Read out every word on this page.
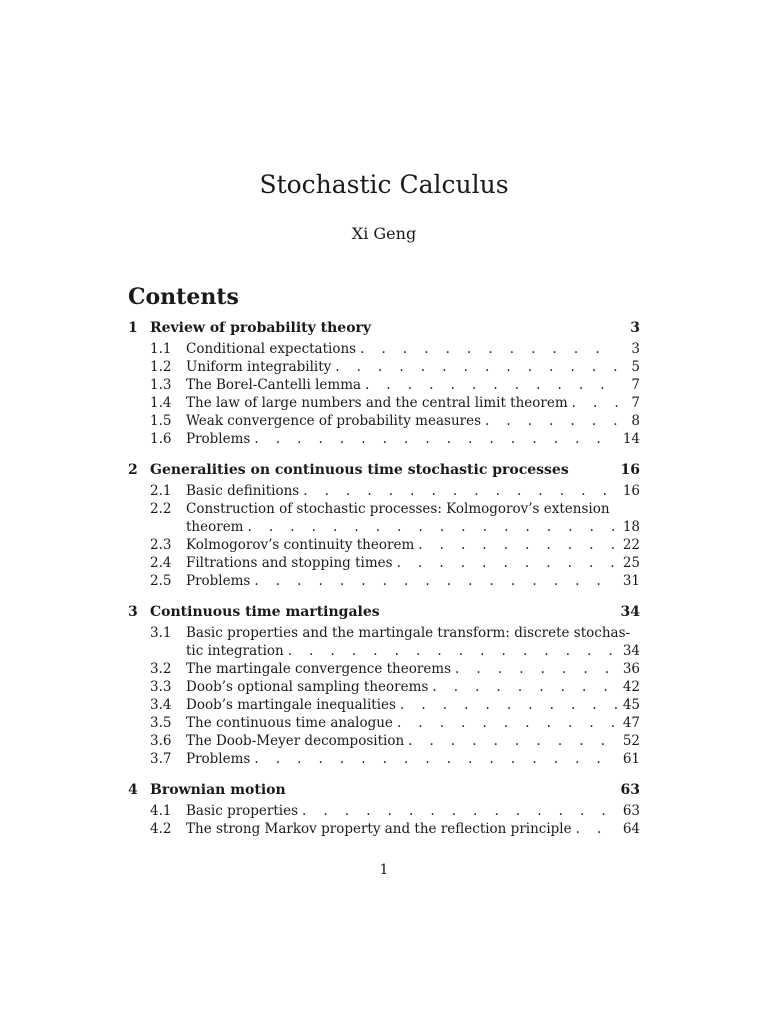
Stochastic Calculus
Xi Geng
Contents
1 Review of probability theory	3
1.1	Conditional expectations . . .	3
1.2	Uniform integrability . . .	5
1.3	The Borel-Cantelli lemma . . .	7
1.4	The law of large numbers and the central limit theorem . . .	7
1.5	Weak convergence of probability measures . . .	8
1.6	Problems . . .	14
2 Generalities on continuous time stochastic processes	16
2.1	Basic definitions . . .	16
2.2	Construction of stochastic processes: Kolmogorov’s extension
theorem . . .	18
2.3	Kolmogorov’s continuity theorem . . .	22
2.4	Filtrations and stopping times . . .	25
2.5	Problems . . .	31
3 Continuous time martingales	34
3.1	Basic properties and the martingale transform: discrete stochas-
tic integration . . .	34
3.2	The martingale convergence theorems . . .	36
3.3	Doob’s optional sampling theorems . . .	42
3.4	Doob’s martingale inequalities . . .	45
3.5	The continuous time analogue . . .	47
3.6	The Doob-Meyer decomposition . . .	52
3.7	Problems . . .	61
4 Brownian motion	63
4.1	Basic properties . . .	63
4.2	The strong Markov property and the reflection principle . . .	64
1
